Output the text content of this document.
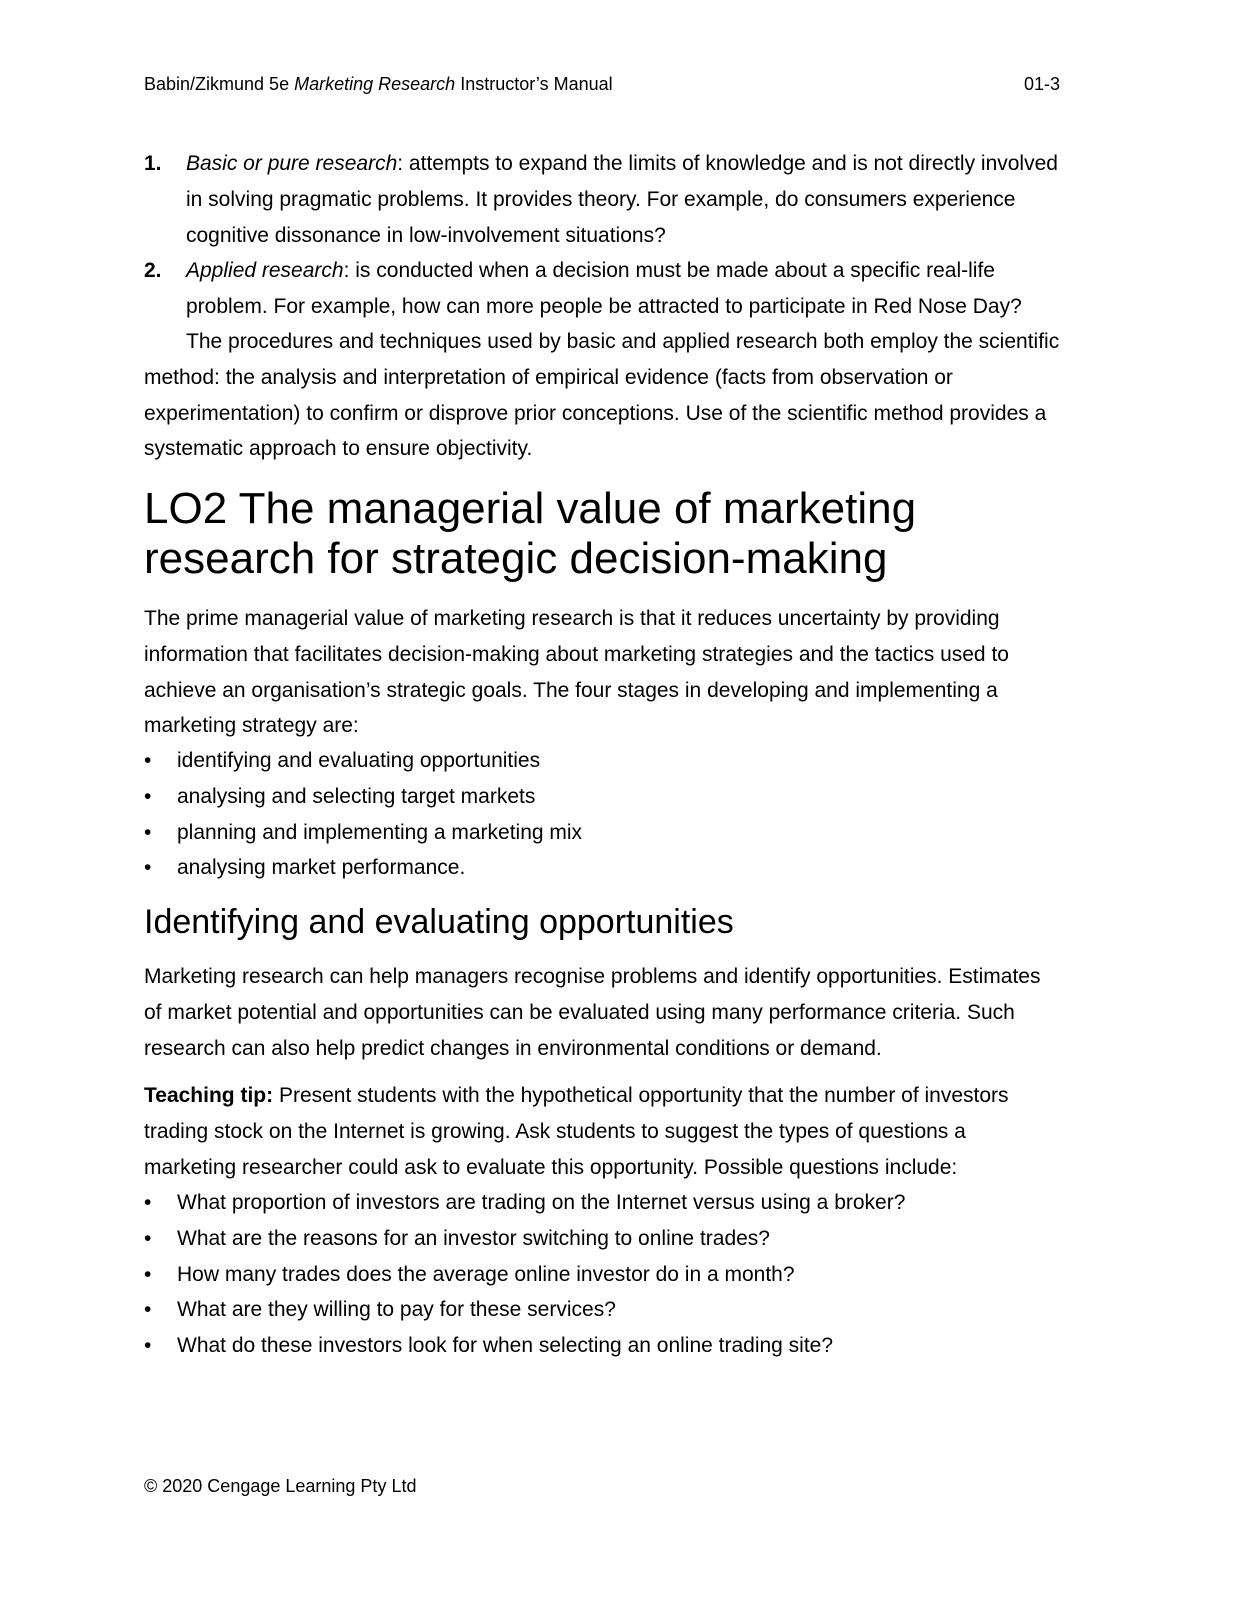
Babin/Zikmund 5e Marketing Research Instructor’s Manual	01-3
1. Basic or pure research: attempts to expand the limits of knowledge and is not directly involved in solving pragmatic problems. It provides theory. For example, do consumers experience cognitive dissonance in low-involvement situations?
2. Applied research: is conducted when a decision must be made about a specific real-life problem. For example, how can more people be attracted to participate in Red Nose Day?
The procedures and techniques used by basic and applied research both employ the scientific method: the analysis and interpretation of empirical evidence (facts from observation or experimentation) to confirm or disprove prior conceptions. Use of the scientific method provides a systematic approach to ensure objectivity.
LO2 The managerial value of marketing research for strategic decision-making
The prime managerial value of marketing research is that it reduces uncertainty by providing information that facilitates decision-making about marketing strategies and the tactics used to achieve an organisation’s strategic goals. The four stages in developing and implementing a marketing strategy are:
• identifying and evaluating opportunities
• analysing and selecting target markets
• planning and implementing a marketing mix
• analysing market performance.
Identifying and evaluating opportunities
Marketing research can help managers recognise problems and identify opportunities. Estimates of market potential and opportunities can be evaluated using many performance criteria. Such research can also help predict changes in environmental conditions or demand.
Teaching tip: Present students with the hypothetical opportunity that the number of investors trading stock on the Internet is growing. Ask students to suggest the types of questions a marketing researcher could ask to evaluate this opportunity. Possible questions include:
• What proportion of investors are trading on the Internet versus using a broker?
• What are the reasons for an investor switching to online trades?
• How many trades does the average online investor do in a month?
• What are they willing to pay for these services?
• What do these investors look for when selecting an online trading site?
© 2020 Cengage Learning Pty Ltd
